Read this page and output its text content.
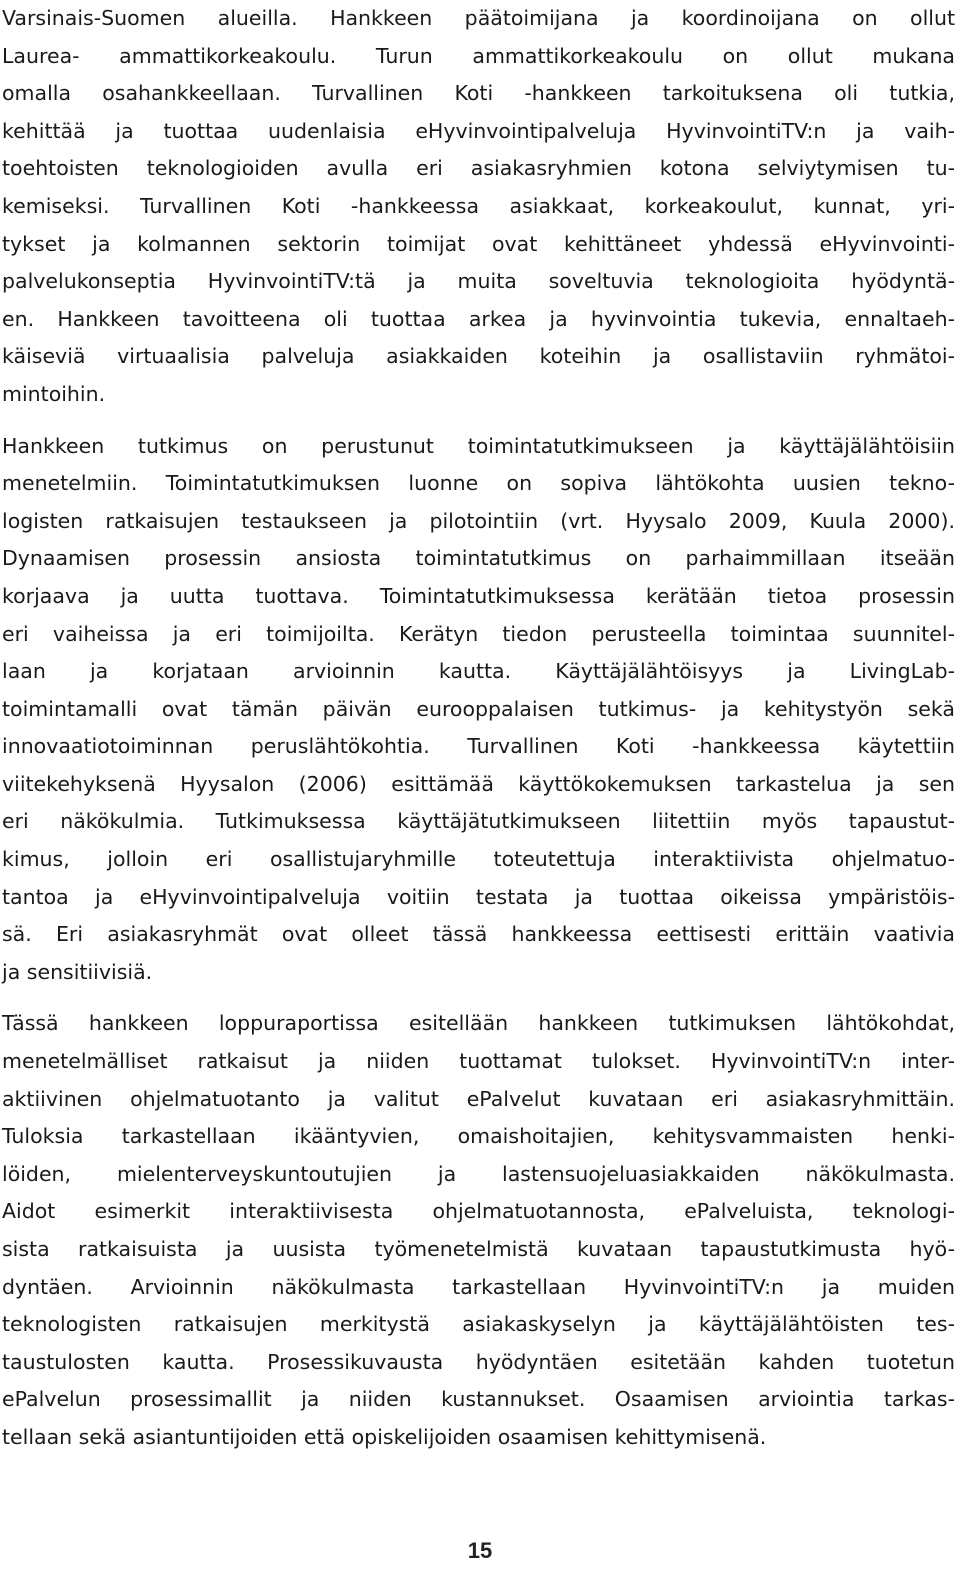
Varsinais-Suomen alueilla. Hankkeen päätoimijana ja koordinoijana on ollut
Laurea- ammattikorkeakoulu. Turun ammattikorkeakoulu on ollut mukana
omalla osahankkeellaan. Turvallinen Koti -hankkeen tarkoituksena oli tutkia,
kehittää ja tuottaa uudenlaisia eHyvinvointipalveluja HyvinvointiTV:n ja vaih-
toehtoisten teknologioiden avulla eri asiakasryhmien kotona selviytymisen tu-
kemiseksi. Turvallinen Koti -hankkeessa asiakkaat, korkeakoulut, kunnat, yri-
tykset ja kolmannen sektorin toimijat ovat kehittäneet yhdessä eHyvinvointi-
palvelukonseptia HyvinvointiTV:tä ja muita soveltuvia teknologioita hyödyntä-
en. Hankkeen tavoitteena oli tuottaa arkea ja hyvinvointia tukevia, ennaltaeh-
käiseviä virtuaalisia palveluja asiakkaiden koteihin ja osallistaviin ryhmätoi-
mintoihin.

Hankkeen tutkimus on perustunut toimintatutkimukseen ja käyttäjälähtöisiin
menetelmiin. Toimintatutkimuksen luonne on sopiva lähtökohta uusien tekno-
logisten ratkaisujen testaukseen ja pilotointiin (vrt. Hyysalo 2009, Kuula 2000).
Dynaamisen prosessin ansiosta toimintatutkimus on parhaimmillaan itseään
korjaava ja uutta tuottava. Toimintatutkimuksessa kerätään tietoa prosessin
eri vaiheissa ja eri toimijoilta. Kerätyn tiedon perusteella toimintaa suunnitel-
laan ja korjataan arvioinnin kautta. Käyttäjälähtöisyys ja LivingLab-
toimintamalli ovat tämän päivän eurooppalaisen tutkimus- ja kehitystyön sekä
innovaatiotoiminnan peruslähtökohtia. Turvallinen Koti -hankkeessa käytettiin
viitekehyksenä Hyysalon (2006) esittämää käyttökokemuksen tarkastelua ja sen
eri näkökulmia. Tutkimuksessa käyttäjätutkimukseen liitettiin myös tapaustut-
kimus, jolloin eri osallistujaryhmille toteutettuja interaktiivista ohjelmatuo-
tantoa ja eHyvinvointipalveluja voitiin testata ja tuottaa oikeissa ympäristöis-
sä. Eri asiakasryhmät ovat olleet tässä hankkeessa eettisesti erittäin vaativia
ja sensitiivisiä.

Tässä hankkeen loppuraportissa esitellään hankkeen tutkimuksen lähtökohdat,
menetelmälliset ratkaisut ja niiden tuottamat tulokset. HyvinvointiTV:n inter-
aktiivinen ohjelmatuotanto ja valitut ePalvelut kuvataan eri asiakasryhmittäin.
Tuloksia tarkastellaan ikääntyvien, omaishoitajien, kehitysvammaisten henki-
löiden, mielenterveyskuntoutujien ja lastensuojeluasiakkaiden näkökulmasta.
Aidot esimerkit interaktiivisesta ohjelmatuotannosta, ePalveluista, teknologi-
sista ratkaisuista ja uusista työmenetelmistä kuvataan tapaustutkimusta hyö-
dyntäen. Arvioinnin näkökulmasta tarkastellaan HyvinvointiTV:n ja muiden
teknologisten ratkaisujen merkitystä asiakaskyselyn ja käyttäjälähtöisten tes-
taustulosten kautta. Prosessikuvausta hyödyntäen esitetään kahden tuotetun
ePalvelun prosessimallit ja niiden kustannukset. Osaamisen arviointia tarkas-
tellaan sekä asiantuntijoiden että opiskelijoiden osaamisen kehittymisenä.

15
